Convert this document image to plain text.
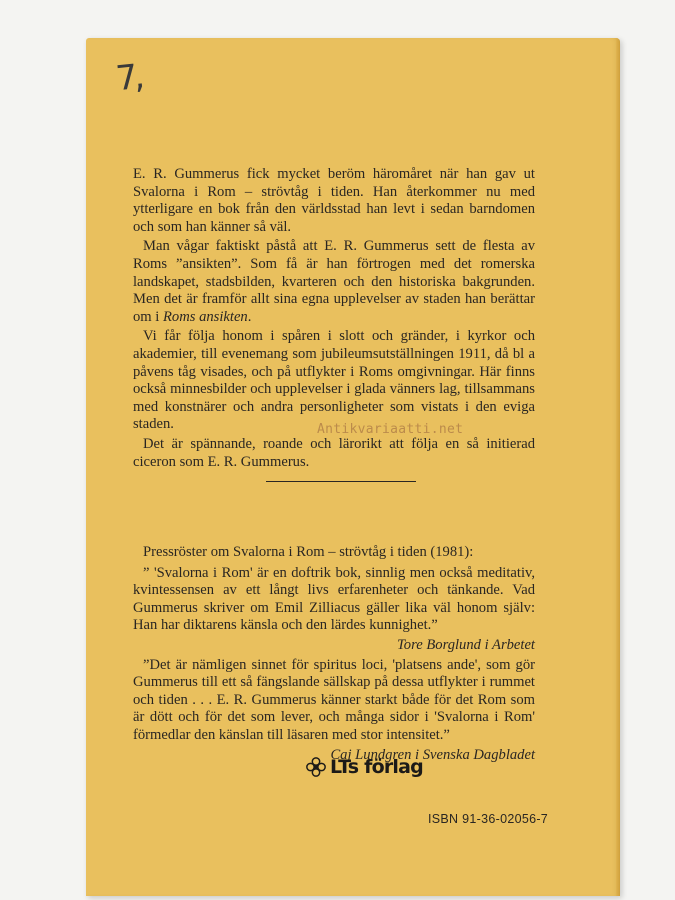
7,

E. R. Gummerus fick mycket beröm häromåret när han gav ut Svalorna i Rom – strövtåg i tiden. Han återkommer nu med ytterligare en bok från den världsstad han levt i sedan barndomen och som han känner så väl.

Man vågar faktiskt påstå att E. R. Gummerus sett de flesta av Roms ”ansikten”. Som få är han förtrogen med det romerska landskapet, stadsbilden, kvarteren och den historiska bakgrunden. Men det är framför allt sina egna upplevelser av staden han berättar om i Roms ansikten.

Vi får följa honom i spåren i slott och gränder, i kyrkor och akademier, till evenemang som jubileumsutställningen 1911, då bl a påvens tåg visades, och på utflykter i Roms omgivningar. Här finns också minnesbilder och upplevelser i glada vänners lag, tillsammans med konstnärer och andra personligheter som vistats i den eviga staden.

Det är spännande, roande och lärorikt att följa en så initierad ciceron som E. R. Gummerus.

Antikvariaatti.net

Pressröster om Svalorna i Rom – strövtåg i tiden (1981):

” 'Svalorna i Rom' är en doftrik bok, sinnlig men också meditativ, kvintessensen av ett långt livs erfarenheter och tänkande. Vad Gummerus skriver om Emil Zilliacus gäller lika väl honom själv: Han har diktarens känsla och den lärdes kunnighet.”

Tore Borglund i Arbetet

”Det är nämligen sinnet för spiritus loci, 'platsens ande', som gör Gummerus till ett så fängslande sällskap på dessa utflykter i rummet och tiden . . . E. R. Gummerus känner starkt både för det Rom som är dött och för det som lever, och många sidor i 'Svalorna i Rom' förmedlar den känslan till läsaren med stor intensitet.”

Caj Lundgren i Svenska Dagbladet

LTs förlag
ISBN 91-36-02056-7
